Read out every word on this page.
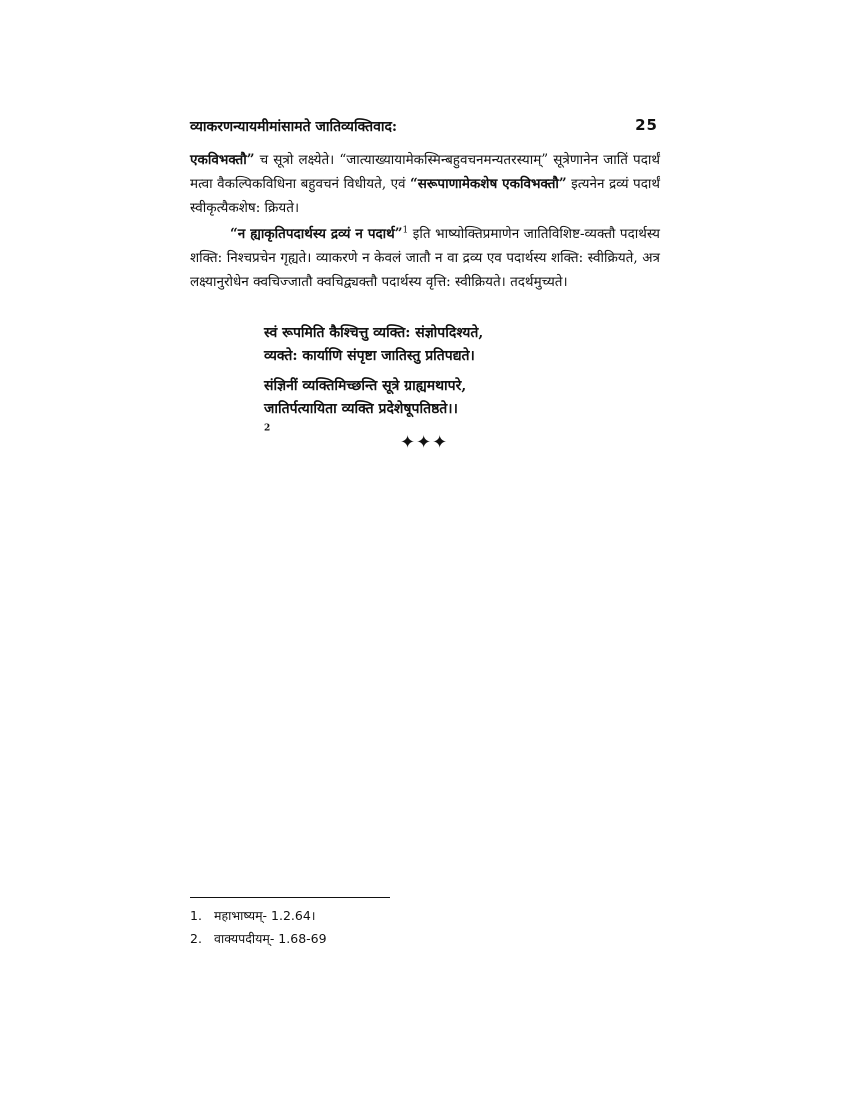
व्याकरणन्यायमीमांसामते जातिव्यक्तिवाद:	25

एकविभक्तौ” च सूत्रो लक्ष्येते। “जात्याख्यायामेकस्मिन्बहुवचनमन्यतरस्याम्” सूत्रेणानेन जातिं पदार्थं मत्वा वैकल्पिकविधिना बहुवचनं विधीयते, एवं “सरूपाणामेकशेष एकविभक्तौ” इत्यनेन द्रव्यं पदार्थं स्वीकृत्यैकशेष: क्रियते।

“न ह्याकृतिपदार्थस्य द्रव्यं न पदार्थ”$^1$ इति भाष्योक्तिप्रमाणेन जातिविशिष्ट-व्यक्तौ पदार्थस्य शक्ति: निश्चप्रचेन गृह्यते। व्याकरणे न केवलं जातौ न वा द्रव्य एव पदार्थस्य शक्ति: स्वीक्रियते, अत्र लक्ष्यानुरोधेन क्वचिज्जातौ क्वचिद्व्यक्तौ पदार्थस्य वृत्ति: स्वीक्रियते। तदर्थमुच्यते।

स्वं रूपमिति कैश्चित्तु व्यक्ति: संज्ञोपदिश्यते,
व्यक्ते: कार्याणि संपृष्टा जातिस्तु प्रतिपद्यते।
संज्ञिनीं व्यक्तिमिच्छन्ति सूत्रे ग्राह्यमथापरे,
जातिर्पत्यायिता व्यक्ति प्रदेशेषूपतिष्ठते।।
$^2$
✦✦✦
1. महाभाष्यम्- 1.2.64।
2. वाक्यपदीयम्- 1.68-69
